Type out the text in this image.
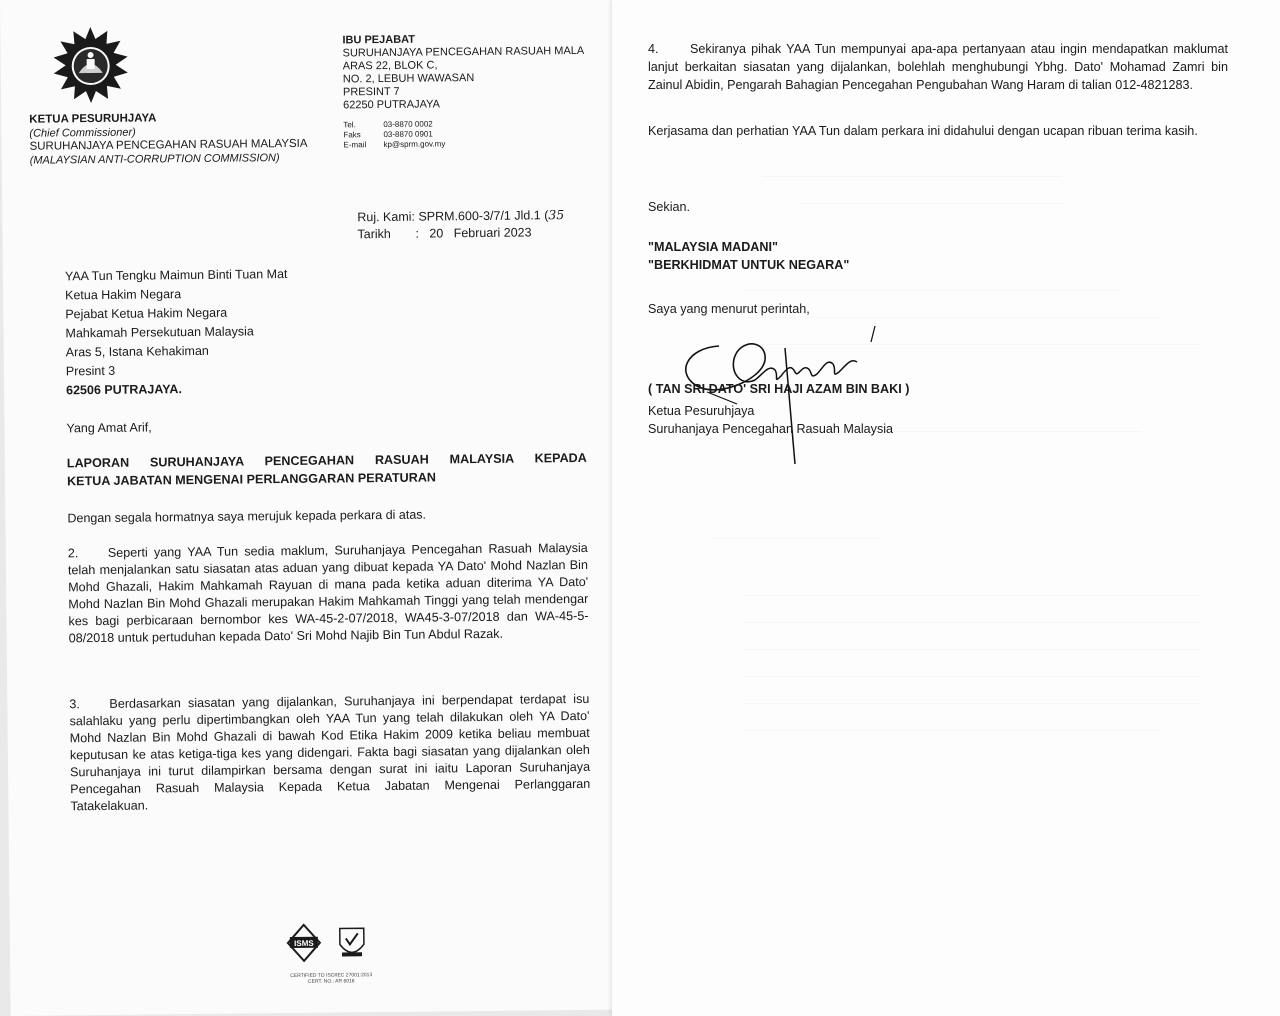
KETUA PESURUHJAYA
(Chief Commissioner)
SURUHANJAYA PENCEGAHAN RASUAH MALAYSIA
(MALAYSIAN ANTI-CORRUPTION COMMISSION)
IBU PEJABAT
SURUHANJAYA PENCEGAHAN RASUAH MALA
ARAS 22, BLOK C,
NO. 2, LEBUH WAWASAN
PRESINT 7
62250 PUTRAJAYA
Tel.	03-8870 0002
Faks	03-8870 0901
E-mail kp@sprm.gov.my
Ruj. Kami: SPRM.600-3/7/1 Jld.1 (35
Tarikh :   20   Februari 2023
YAA Tun Tengku Maimun Binti Tuan Mat
Ketua Hakim Negara
Pejabat Ketua Hakim Negara
Mahkamah Persekutuan Malaysia
Aras 5, Istana Kehakiman
Presint 3
62506 PUTRAJAYA.
Yang Amat Arif,
LAPORAN SURUHANJAYA PENCEGAHAN RASUAH MALAYSIA KEPADA
KETUA JABATAN MENGENAI PERLANGGARAN PERATURAN
Dengan segala hormatnya saya merujuk kepada perkara di atas.
2. Seperti yang YAA Tun sedia maklum, Suruhanjaya Pencegahan Rasuah Malaysia telah menjalankan satu siasatan atas aduan yang dibuat kepada YA Dato' Mohd Nazlan Bin Mohd Ghazali, Hakim Mahkamah Rayuan di mana pada ketika aduan diterima YA Dato' Mohd Nazlan Bin Mohd Ghazali merupakan Hakim Mahkamah Tinggi yang telah mendengar kes bagi perbicaraan bernombor kes WA-45-2-07/2018, WA45-3-07/2018 dan WA-45-5-08/2018 untuk pertuduhan kepada Dato' Sri Mohd Najib Bin Tun Abdul Razak.
3. Berdasarkan siasatan yang dijalankan, Suruhanjaya ini berpendapat terdapat isu salahlaku yang perlu dipertimbangkan oleh YAA Tun yang telah dilakukan oleh YA Dato' Mohd Nazlan Bin Mohd Ghazali di bawah Kod Etika Hakim 2009 ketika beliau membuat keputusan ke atas ketiga-tiga kes yang didengari. Fakta bagi siasatan yang dijalankan oleh Suruhanjaya ini turut dilampirkan bersama dengan surat ini iaitu Laporan Suruhanjaya Pencegahan Rasuah Malaysia Kepada Ketua Jabatan Mengenai Perlanggaran Tatakelakuan.
ISMS
CERTIFIED TO ISO/IEC 27001:2013
CERT. NO.: AR 6016
4. Sekiranya pihak YAA Tun mempunyai apa-apa pertanyaan atau ingin mendapatkan maklumat lanjut berkaitan siasatan yang dijalankan, bolehlah menghubungi Ybhg. Dato' Mohamad Zamri bin Zainul Abidin, Pengarah Bahagian Pencegahan Pengubahan Wang Haram di talian 012-4821283.
Kerjasama dan perhatian YAA Tun dalam perkara ini didahului dengan ucapan ribuan terima kasih.
Sekian.
"MALAYSIA MADANI"
"BERKHIDMAT UNTUK NEGARA"
Saya yang menurut perintah,
( TAN SRI DATO' SRI HAJI AZAM BIN BAKI )
Ketua Pesuruhjaya
Suruhanjaya Pencegahan Rasuah Malaysia
